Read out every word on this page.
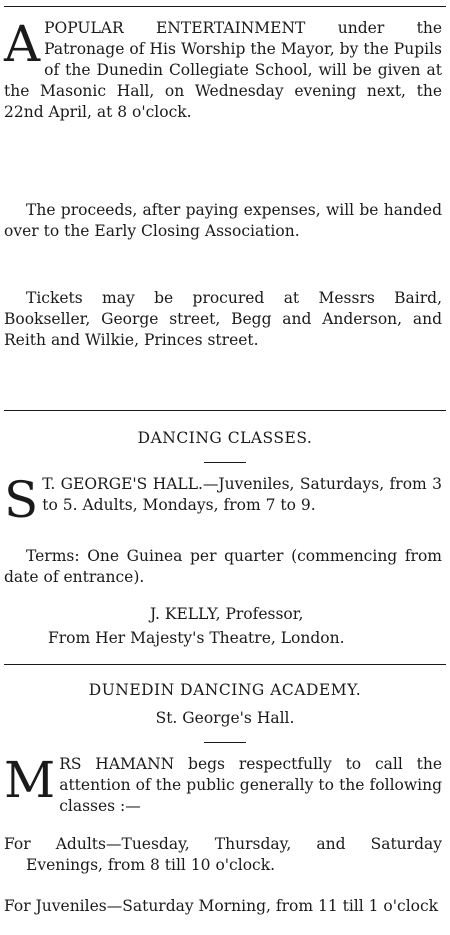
A POPULAR ENTERTAINMENT under the Patronage of His Worship the Mayor, by the Pupils of the Dunedin Collegiate School, will be given at the Masonic Hall, on Wednesday evening next, the 22nd April, at 8 o'clock.
The proceeds, after paying expenses, will be handed over to the Early Closing Association.
Tickets may be procured at Messrs Baird, Bookseller, George street, Begg and Anderson, and Reith and Wilkie, Princes street.
DANCING CLASSES.
S T. GEORGE'S HALL.—Juveniles, Saturdays, from 3 to 5. Adults, Mondays, from 7 to 9.
Terms: One Guinea per quarter (commencing from date of entrance).
J. KELLY, Professor,
From Her Majesty's Theatre, London.
DUNEDIN DANCING ACADEMY.
St. George's Hall.
M RS HAMANN begs respectfully to call the attention of the public generally to the following classes :—
For Adults—Tuesday, Thursday, and Saturday Evenings, from 8 till 10 o'clock.
For Juveniles—Saturday Morning, from 11 till 1 o'clock
